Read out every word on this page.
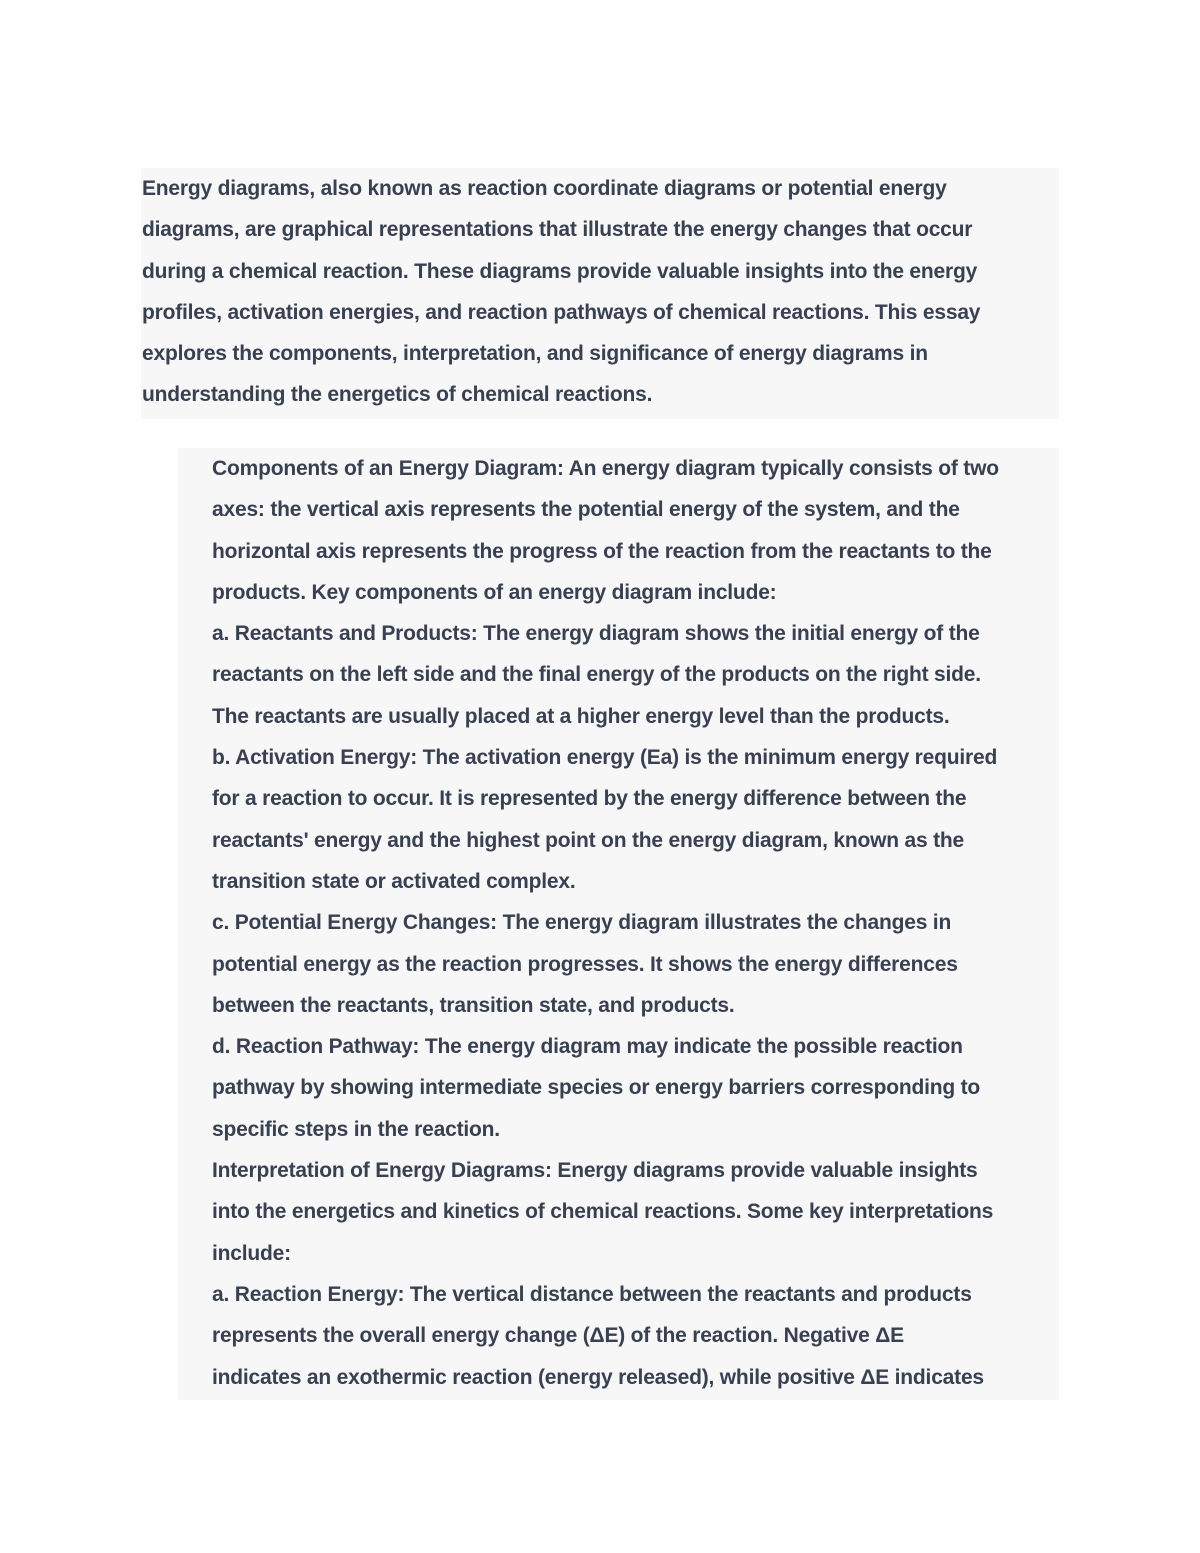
Energy diagrams, also known as reaction coordinate diagrams or potential energy
diagrams, are graphical representations that illustrate the energy changes that occur
during a chemical reaction. These diagrams provide valuable insights into the energy
profiles, activation energies, and reaction pathways of chemical reactions. This essay
explores the components, interpretation, and significance of energy diagrams in
understanding the energetics of chemical reactions.
Components of an Energy Diagram: An energy diagram typically consists of two
axes: the vertical axis represents the potential energy of the system, and the
horizontal axis represents the progress of the reaction from the reactants to the
products. Key components of an energy diagram include:
a. Reactants and Products: The energy diagram shows the initial energy of the
reactants on the left side and the final energy of the products on the right side.
The reactants are usually placed at a higher energy level than the products.
b. Activation Energy: The activation energy (Ea) is the minimum energy required
for a reaction to occur. It is represented by the energy difference between the
reactants' energy and the highest point on the energy diagram, known as the
transition state or activated complex.
c. Potential Energy Changes: The energy diagram illustrates the changes in
potential energy as the reaction progresses. It shows the energy differences
between the reactants, transition state, and products.
d. Reaction Pathway: The energy diagram may indicate the possible reaction
pathway by showing intermediate species or energy barriers corresponding to
specific steps in the reaction.
Interpretation of Energy Diagrams: Energy diagrams provide valuable insights
into the energetics and kinetics of chemical reactions. Some key interpretations
include:
a. Reaction Energy: The vertical distance between the reactants and products
represents the overall energy change (ΔE) of the reaction. Negative ΔE
indicates an exothermic reaction (energy released), while positive ΔE indicates
